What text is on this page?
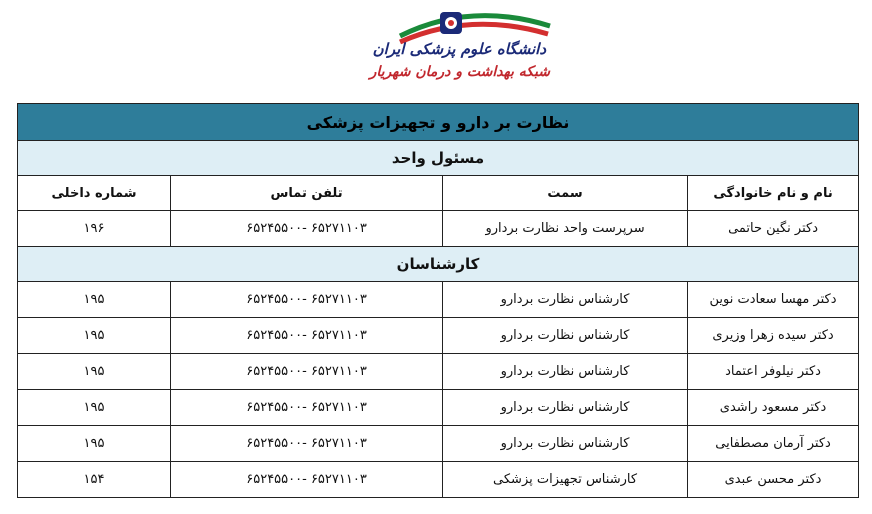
دانشگاه علوم پزشکی ایران
شبکه بهداشت و درمان شهریار
نظارت بر دارو و تجهیزات پزشکی			
مسئول واحد			
نام و نام خانوادگی	سمت	تلفن تماس	شماره داخلی
دکتر نگین حاتمی	سرپرست واحد نظارت بردارو	۶۵۲۷۱۱۰۳ -۶۵۲۴۵۵۰۰	۱۹۶
کارشناسان			
دکتر مهسا سعادت نوین	کارشناس نظارت بردارو	۶۵۲۷۱۱۰۳ -۶۵۲۴۵۵۰۰	۱۹۵
دکتر سیده زهرا وزیری	کارشناس نظارت بردارو	۶۵۲۷۱۱۰۳ -۶۵۲۴۵۵۰۰	۱۹۵
دکتر نیلوفر اعتماد	کارشناس نظارت بردارو	۶۵۲۷۱۱۰۳ -۶۵۲۴۵۵۰۰	۱۹۵
دکتر مسعود راشدی	کارشناس نظارت بردارو	۶۵۲۷۱۱۰۳ -۶۵۲۴۵۵۰۰	۱۹۵
دکتر آرمان مصطفایی	کارشناس نظارت بردارو	۶۵۲۷۱۱۰۳ -۶۵۲۴۵۵۰۰	۱۹۵
دکتر محسن عبدی	کارشناس تجهیزات پزشکی	۶۵۲۷۱۱۰۳ -۶۵۲۴۵۵۰۰	۱۵۴
